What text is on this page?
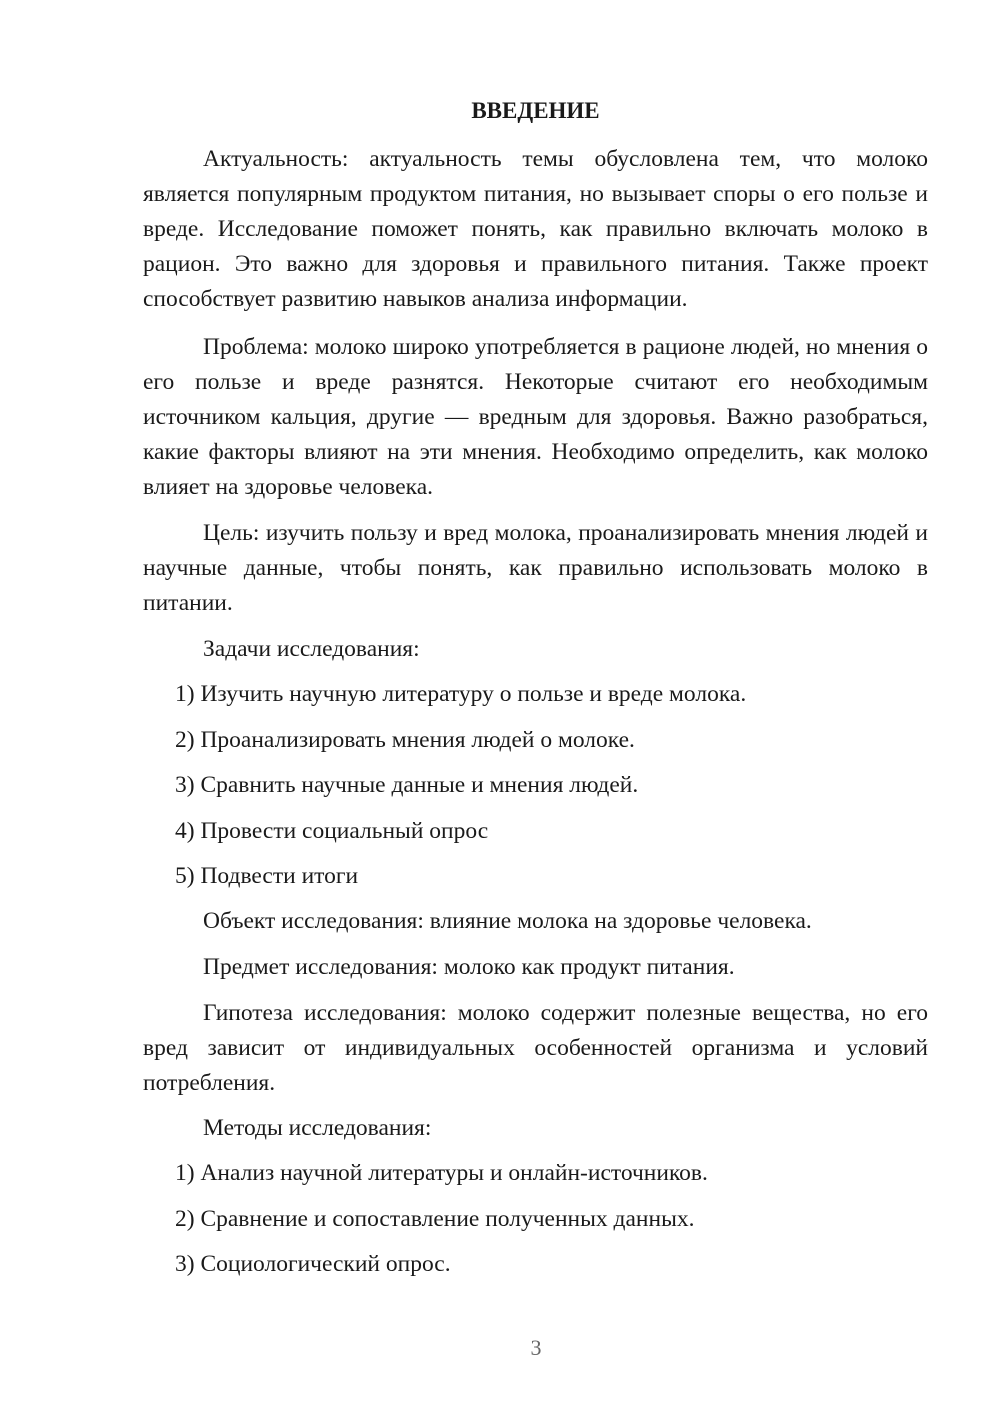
ВВЕДЕНИЕ

Актуальность: актуальность темы обусловлена тем, что молоко является популярным продуктом питания, но вызывает споры о его пользе и вреде. Исследование поможет понять, как правильно включать молоко в рацион. Это важно для здоровья и правильного питания. Также проект способствует развитию навыков анализа информации.

Проблема: молоко широко употребляется в рационе людей, но мнения о его пользе и вреде разнятся. Некоторые считают его необходимым источником кальция, другие — вредным для здоровья. Важно разобраться, какие факторы влияют на эти мнения. Необходимо определить, как молоко влияет на здоровье человека.

Цель: изучить пользу и вред молока, проанализировать мнения людей и научные данные, чтобы понять, как правильно использовать молоко в питании.

Задачи исследования:

1) Изучить научную литературу о пользе и вреде молока.

2) Проанализировать мнения людей о молоке.

3) Сравнить научные данные и мнения людей.

4) Провести социальный опрос

5) Подвести итоги

Объект исследования: влияние молока на здоровье человека.

Предмет исследования: молоко как продукт питания.

Гипотеза исследования: молоко содержит полезные вещества, но его вред зависит от индивидуальных особенностей организма и условий потребления.

Методы исследования:

1) Анализ научной литературы и онлайн-источников.

2) Сравнение и сопоставление полученных данных.

3) Социологический опрос.

3
